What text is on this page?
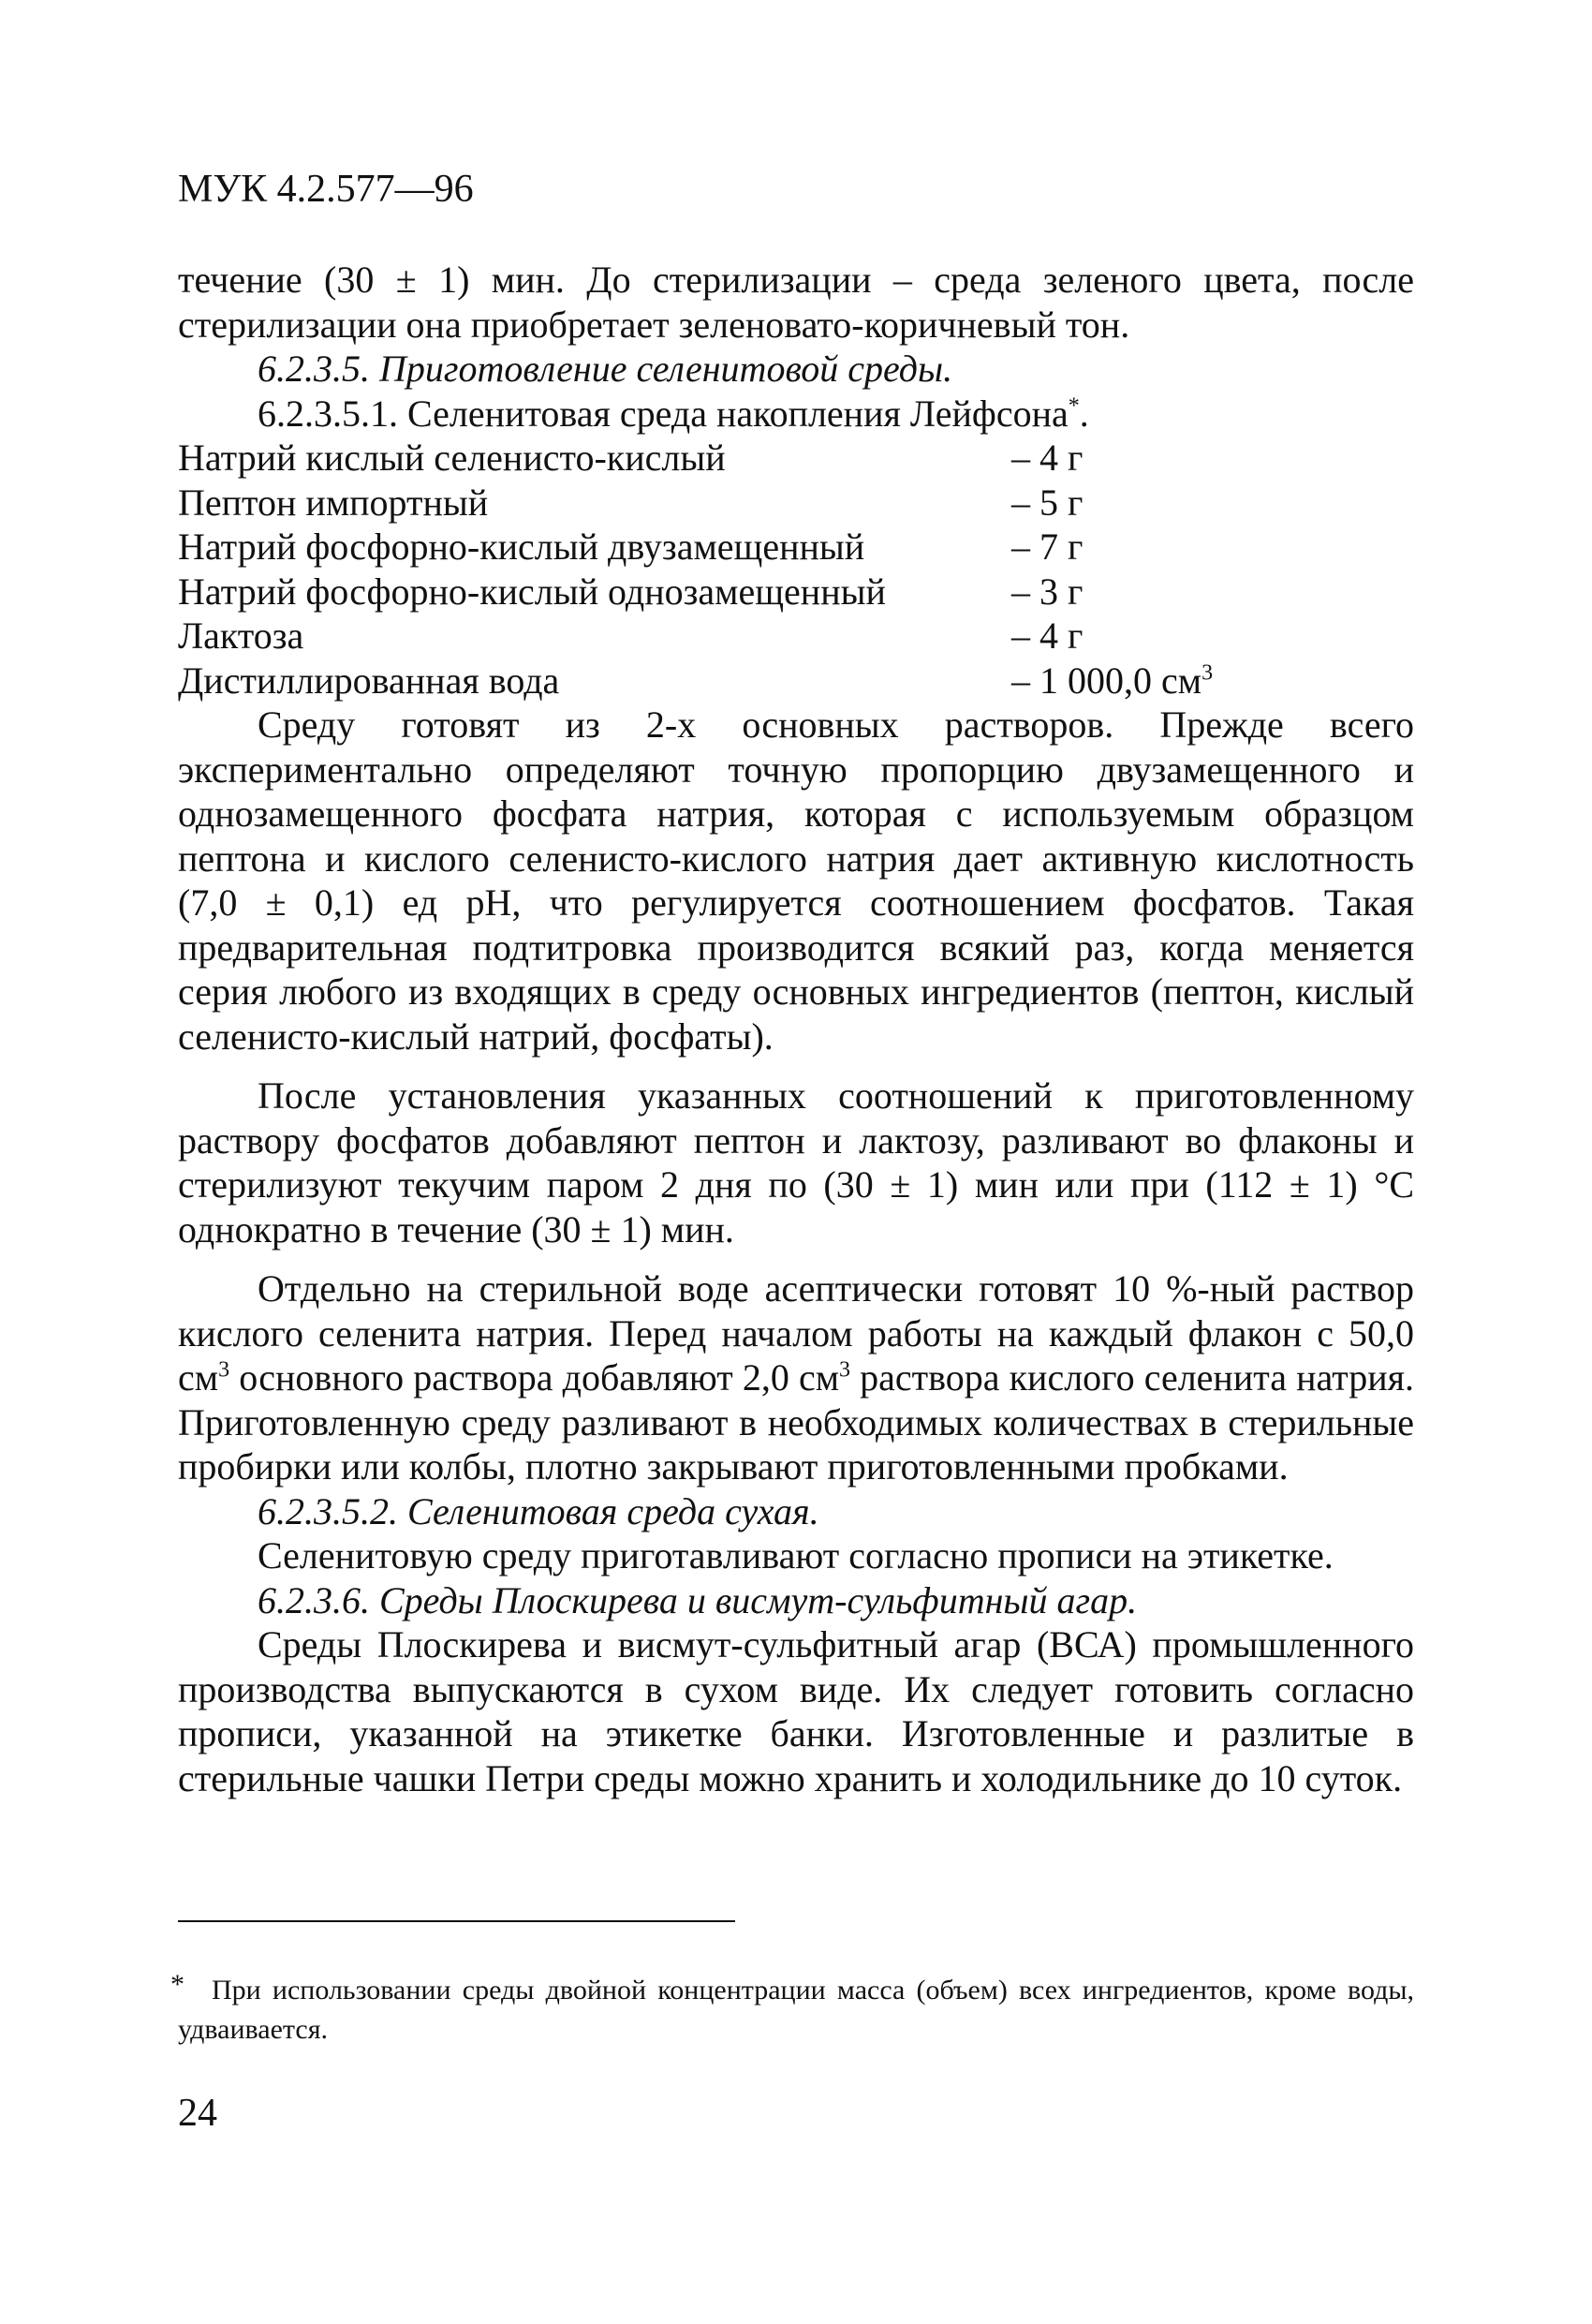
МУК 4.2.577—96

течение (30 ± 1) мин. До стерилизации – среда зеленого цвета, после стерилизации она приобретает зеленовато-коричневый тон.

6.2.3.5. Приготовление селенитовой среды.

6.2.3.5.1. Селенитовая среда накопления Лейфсона*.

Натрий кислый селенисто-кислый	– 4 г
Пептон импортный	– 5 г
Натрий фосфорно-кислый двузамещенный	– 7 г
Натрий фосфорно-кислый однозамещенный	– 3 г
Лактоза	– 4 г
Дистиллированная вода	– 1 000,0 $см^3$

Среду готовят из 2-х основных растворов. Прежде всего экспериментально определяют точную пропорцию двузамещенного и однозамещенного фосфата натрия, которая с используемым образцом пептона и кислого селенисто-кислого натрия дает активную кислотность (7,0 ± 0,1) ед pH, что регулируется соотношением фосфатов. Такая предварительная подтитровка производится всякий раз, когда меняется серия любого из входящих в среду основных ингредиентов (пептон, кислый селенисто-кислый натрий, фосфаты).

После установления указанных соотношений к приготовленному раствору фосфатов добавляют пептон и лактозу, разливают во флаконы и стерилизуют текучим паром 2 дня по (30 ± 1) мин или при (112 ± 1) °С однократно в течение (30 ± 1) мин.

Отдельно на стерильной воде асептически готовят 10 %-ный раствор кислого селенита натрия. Перед началом работы на каждый флакон с 50,0 $см^3$ основного раствора добавляют 2,0 $см^3$ раствора кислого селенита натрия. Приготовленную среду разливают в необходимых количествах в стерильные пробирки или колбы, плотно закрывают приготовленными пробками.

6.2.3.5.2. Селенитовая среда сухая.

Селенитовую среду приготавливают согласно прописи на этикетке.

6.2.3.6. Среды Плоскирева и висмут-сульфитный агар.

Среды Плоскирева и висмут-сульфитный агар (ВСА) промышленного производства выпускаются в сухом виде. Их следует готовить согласно прописи, указанной на этикетке банки. Изготовленные и разлитые в стерильные чашки Петри среды можно хранить и холодильнике до 10 суток.

* При использовании среды двойной концентрации масса (объем) всех ингредиентов, кроме воды, удваивается.
24
